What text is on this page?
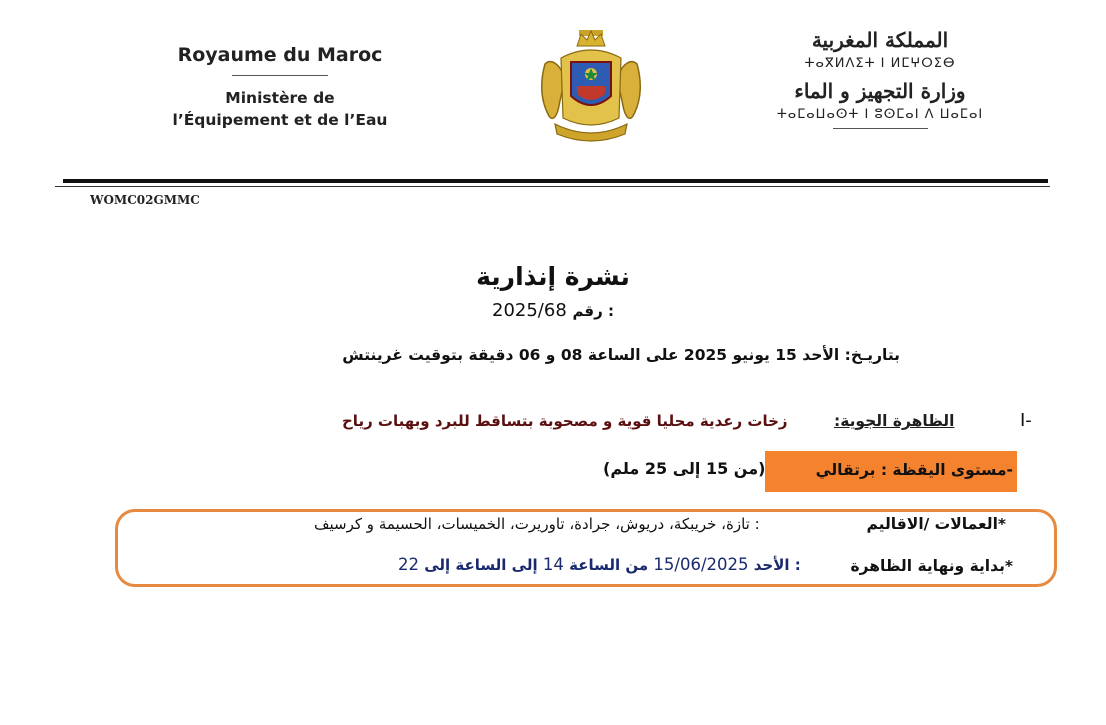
Royaume du Maroc
Ministère de
l’Équipement et de l’Eau
المملكة المغربية
ⵜⴰⴳⵍⴷⵉⵜ ⵏ ⵍⵎⵖⵔⵉⴱ
وزارة التجهيز و الماء
ⵜⴰⵎⴰⵡⴰⵙⵜ ⵏ ⵓⵙⵎⴰⵏ ⴷ ⵡⴰⵎⴰⵏ
WOMC02GMMC
نشرة إنذارية
2025/68 رقم :
بتاريـخ: الأحد 15 يونيو 2025 على الساعة 08 و 06 دقيقة بتوقيت غرينتش
I-
الظاهرة الجوية:
زخات رعدية محليا قوية و مصحوبة بتساقط للبرد وبهبات رياح
-مستوى اليقظة : برتقالي
(من 15 إلى 25 ملم)
*العمالات /الاقاليم
: تازة، خريبكة، دريوش، جرادة، تاوريرت، الخميسات، الحسيمة و كرسيف
*بداية ونهاية الظاهرة
: الأحد 15/06/2025 من الساعة 14 إلى الساعة إلى 22
